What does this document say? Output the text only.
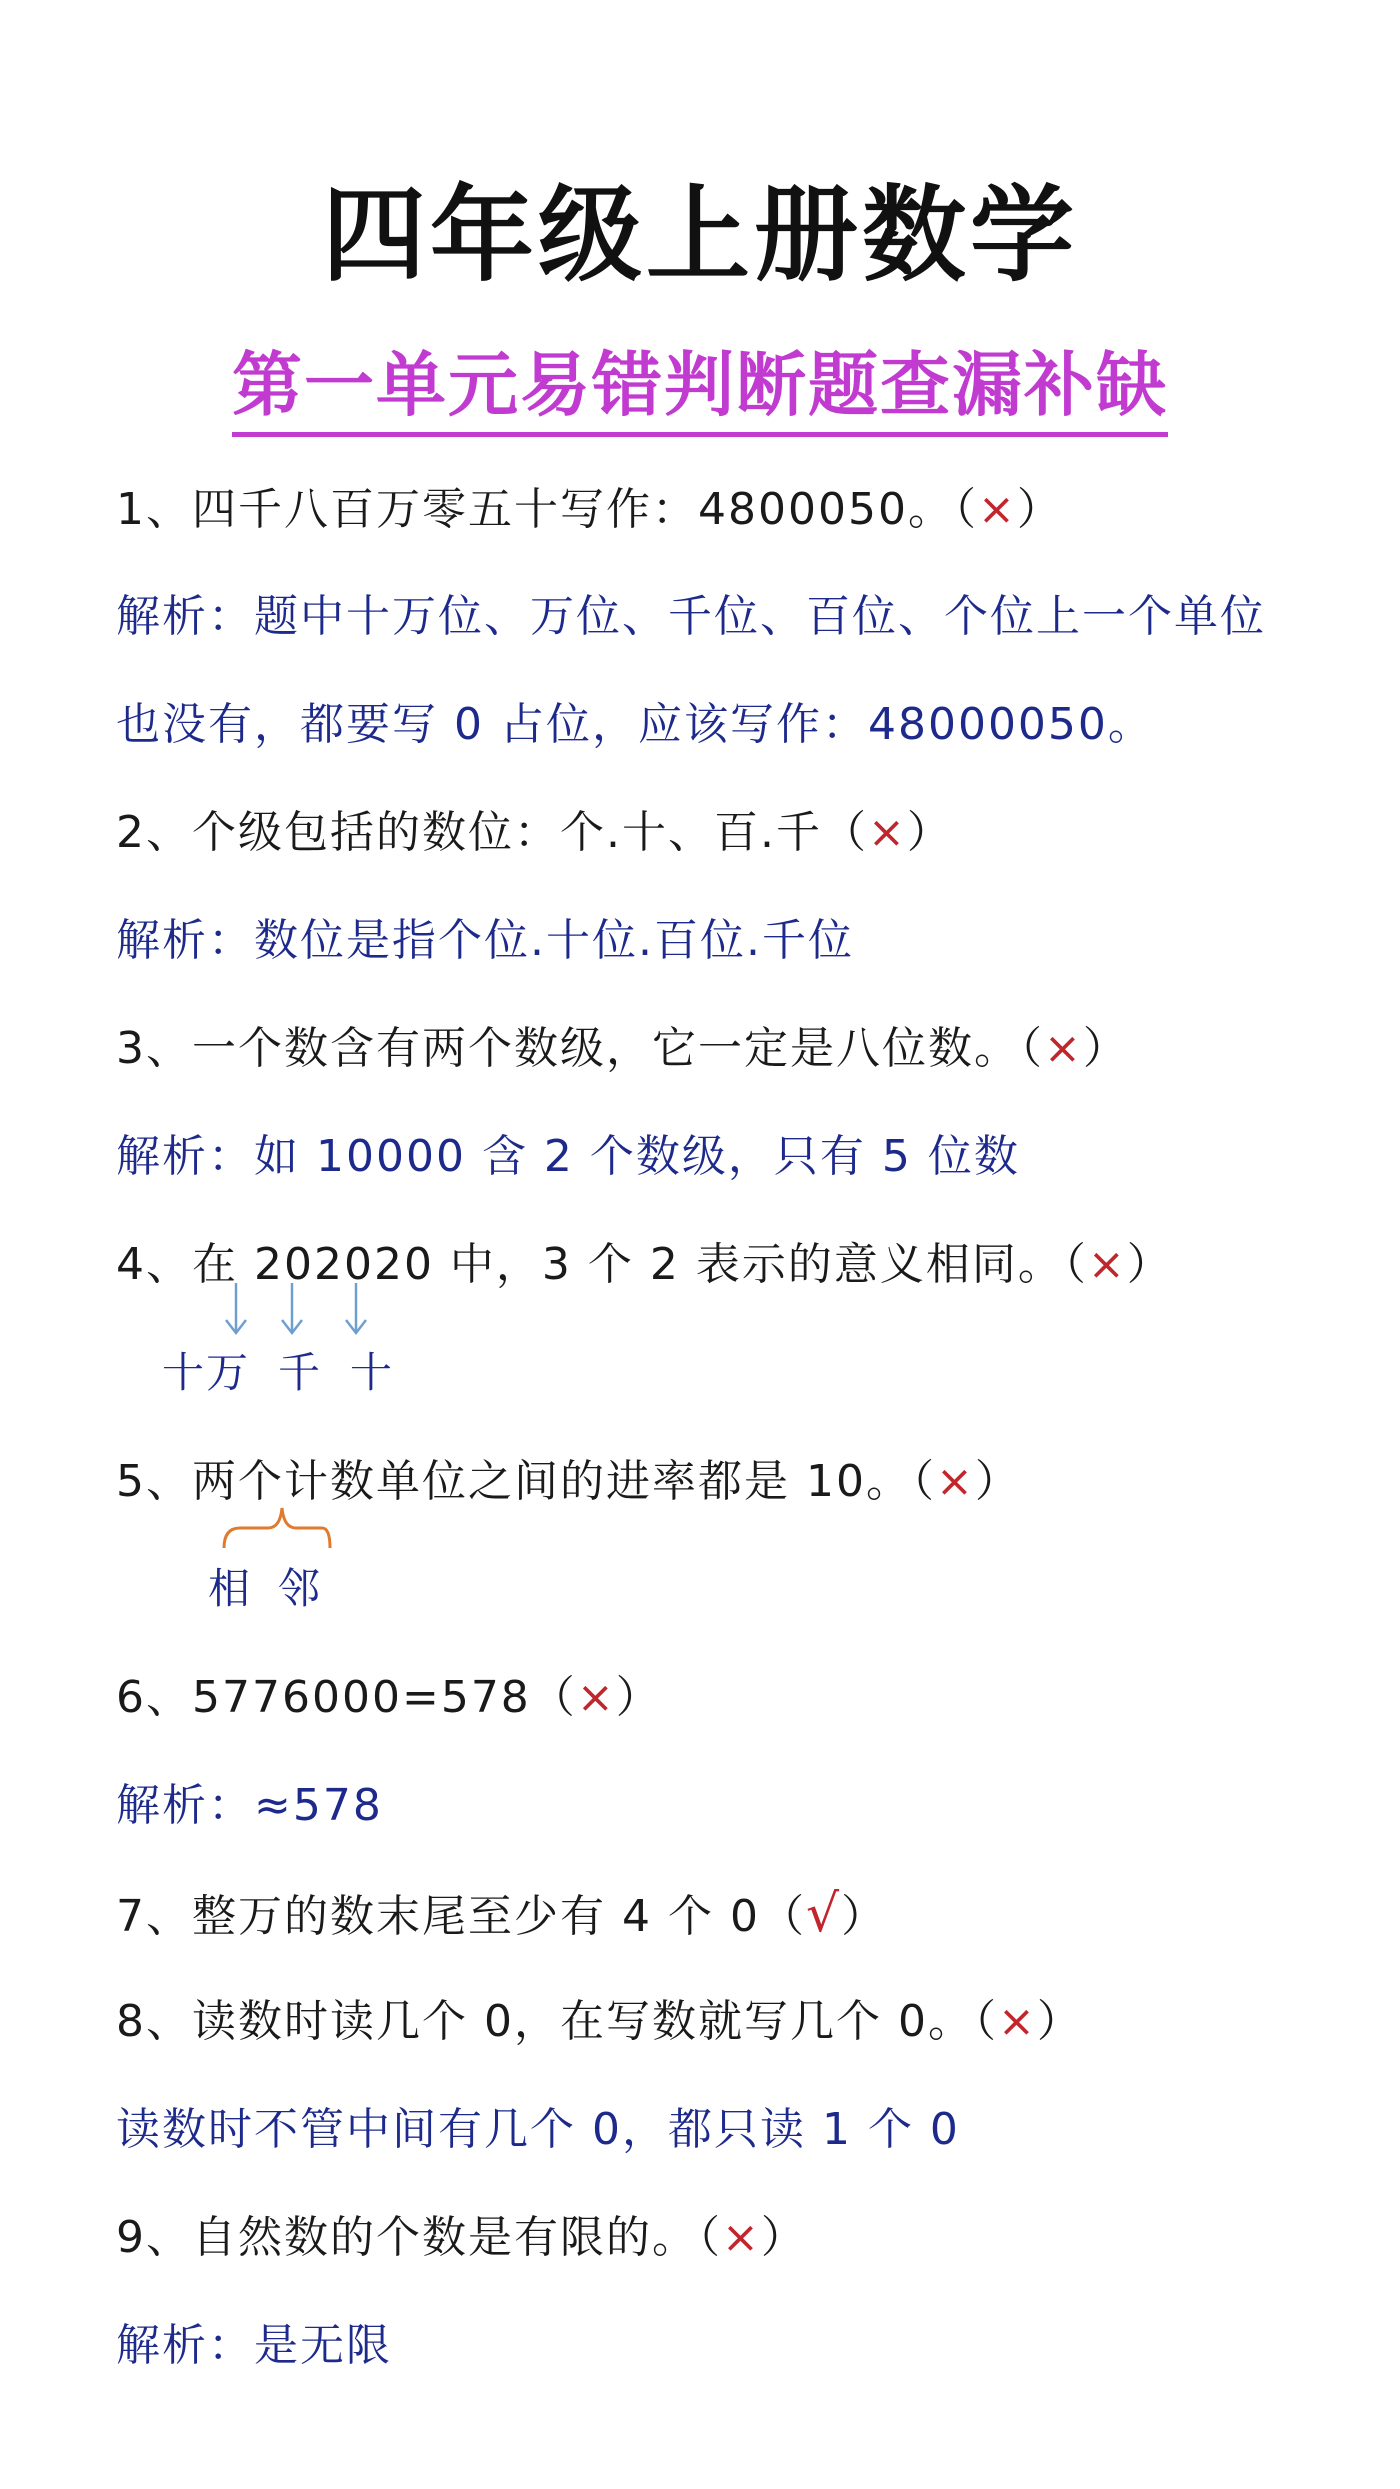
四年级上册数学
第一单元易错判断题查漏补缺
1、四千八百万零五十写作：4800050。（×）
解析：题中十万位、万位、千位、百位、个位上一个单位
也没有，都要写 0 占位，应该写作：48000050。
2、个级包括的数位：个.十、百.千（×）
解析：数位是指个位.十位.百位.千位
3、一个数含有两个数级，它一定是八位数。（×）
解析：如 10000 含 2 个数级，只有 5 位数
4、在 202020 中，3 个 2 表示的意义相同。（×）
十万 千 十
5、两个计数单位之间的进率都是 10。（×）
相 邻
6、5776000=578（×）
解析：≈578
7、整万的数末尾至少有 4 个 0（√）
8、读数时读几个 0，在写数就写几个 0。（×）
读数时不管中间有几个 0，都只读 1 个 0
9、自然数的个数是有限的。（×）
解析：是无限
